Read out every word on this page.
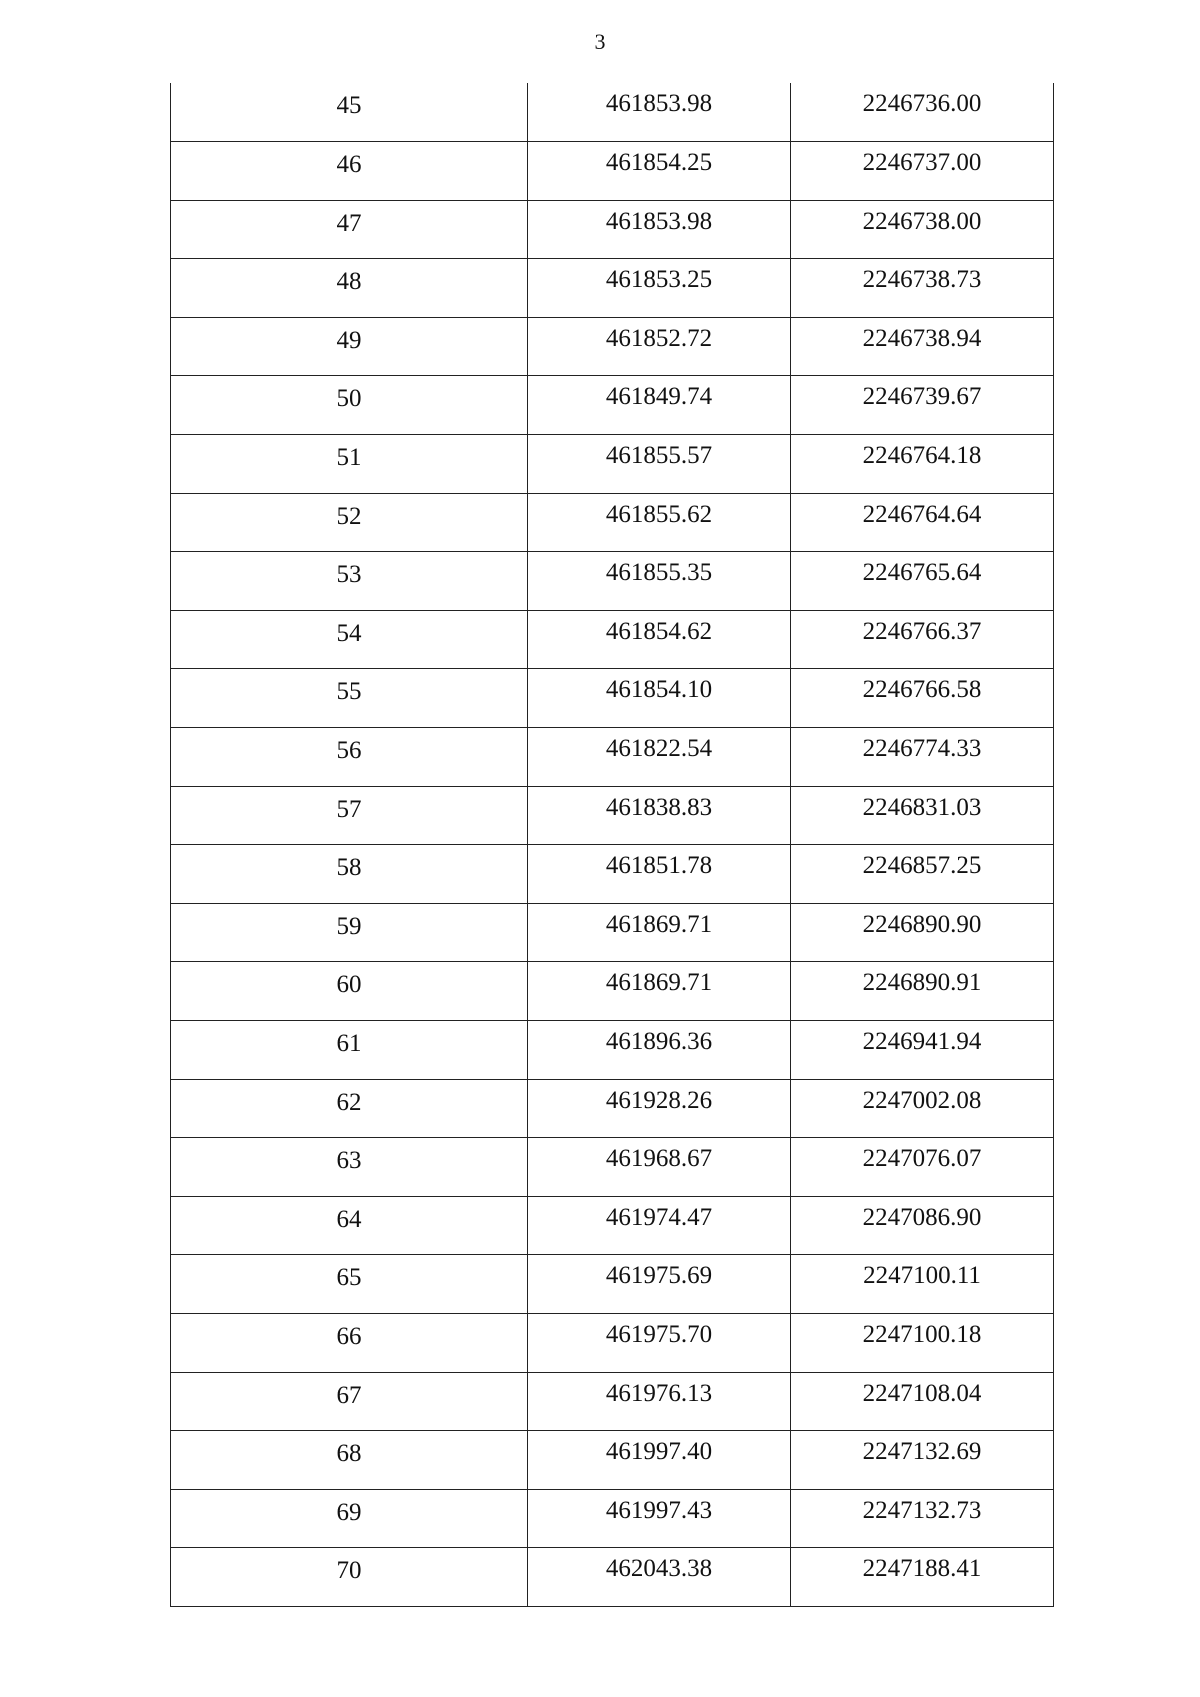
3
45	461853.98	2246736.00
46	461854.25	2246737.00
47	461853.98	2246738.00
48	461853.25	2246738.73
49	461852.72	2246738.94
50	461849.74	2246739.67
51	461855.57	2246764.18
52	461855.62	2246764.64
53	461855.35	2246765.64
54	461854.62	2246766.37
55	461854.10	2246766.58
56	461822.54	2246774.33
57	461838.83	2246831.03
58	461851.78	2246857.25
59	461869.71	2246890.90
60	461869.71	2246890.91
61	461896.36	2246941.94
62	461928.26	2247002.08
63	461968.67	2247076.07
64	461974.47	2247086.90
65	461975.69	2247100.11
66	461975.70	2247100.18
67	461976.13	2247108.04
68	461997.40	2247132.69
69	461997.43	2247132.73
70	462043.38	2247188.41
